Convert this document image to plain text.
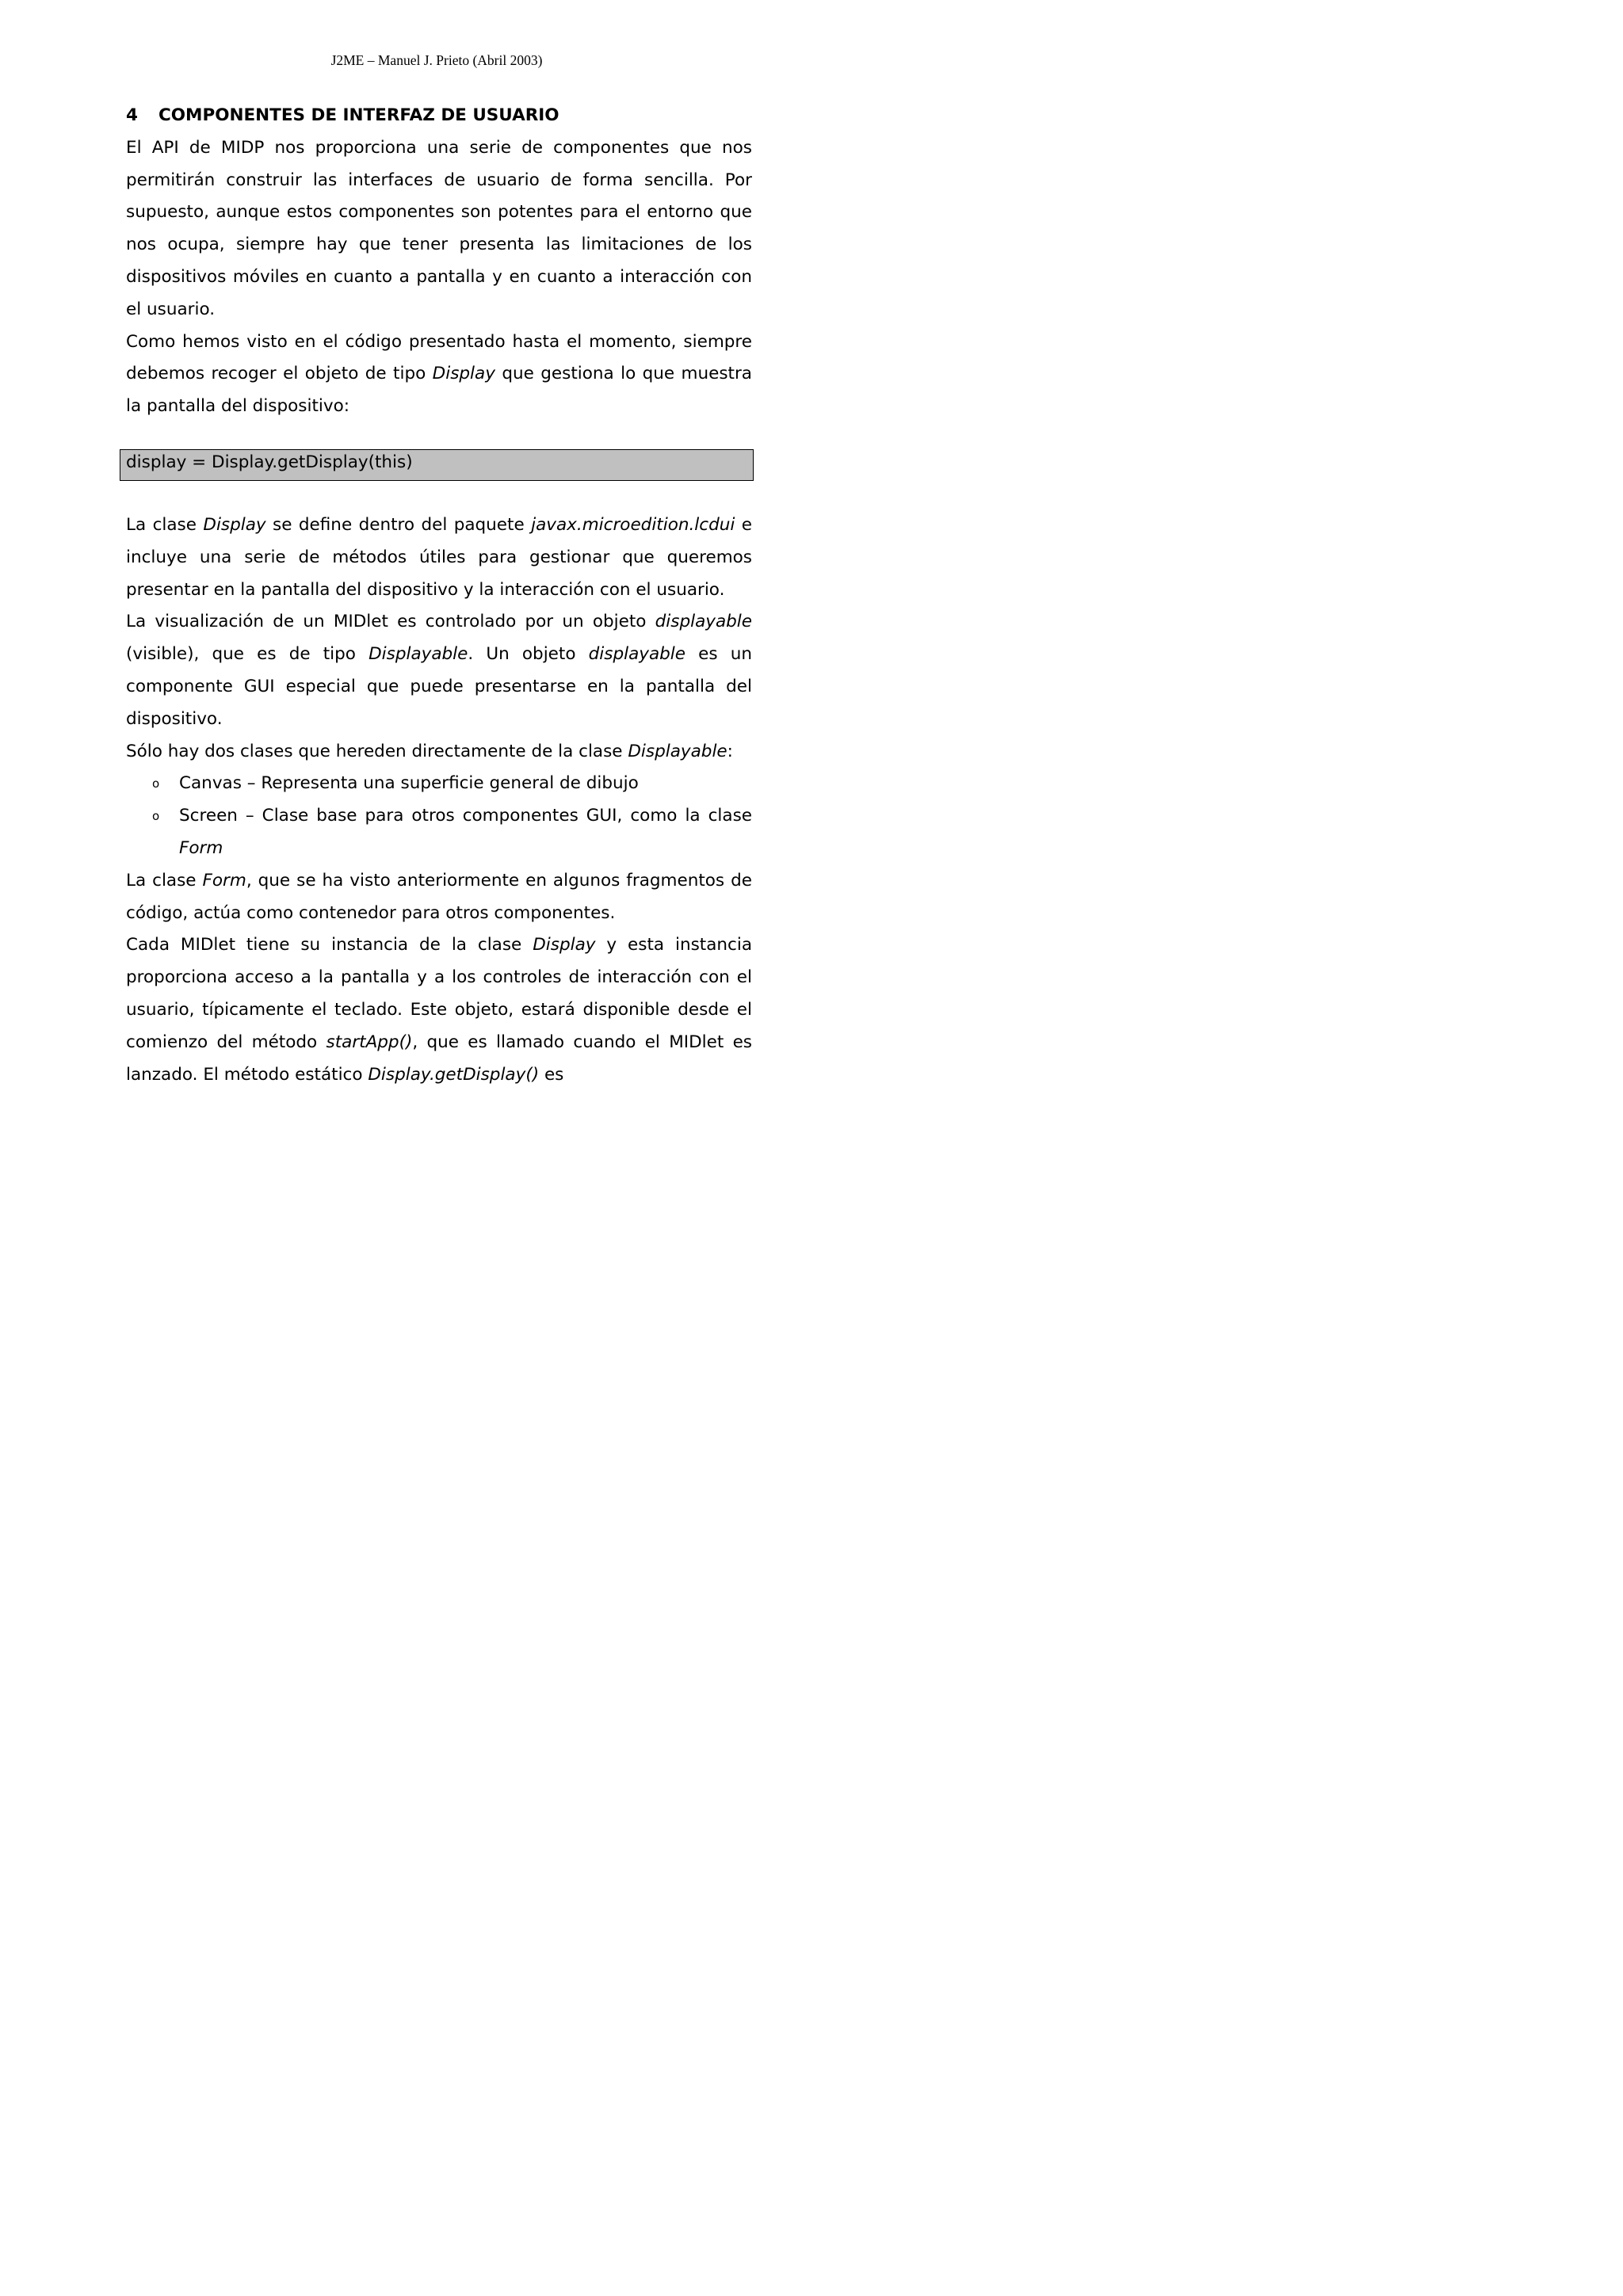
J2ME – Manuel J. Prieto (Abril 2003)
4 COMPONENTES DE INTERFAZ DE USUARIO

El API de MIDP nos proporciona una serie de componentes que nos permitirán construir las interfaces de usuario de forma sencilla. Por supuesto, aunque estos componentes son potentes para el entorno que nos ocupa, siempre hay que tener presenta las limitaciones de los dispositivos móviles en cuanto a pantalla y en cuanto a interacción con el usuario.

Como hemos visto en el código presentado hasta el momento, siempre debemos recoger el objeto de tipo Display que gestiona lo que muestra la pantalla del dispositivo:

display = Display.getDisplay(this)

La clase Display se define dentro del paquete javax.microedition.lcdui e incluye una serie de métodos útiles para gestionar que queremos presentar en la pantalla del dispositivo y la interacción con el usuario.

La visualización de un MIDlet es controlado por un objeto displayable (visible), que es de tipo Displayable. Un objeto displayable es un componente GUI especial que puede presentarse en la pantalla del dispositivo.

Sólo hay dos clases que hereden directamente de la clase Displayable:

o Canvas – Representa una superficie general de dibujo
o Screen – Clase base para otros componentes GUI, como la clase Form

La clase Form, que se ha visto anteriormente en algunos fragmentos de código, actúa como contenedor para otros componentes.

Cada MIDlet tiene su instancia de la clase Display y esta instancia proporciona acceso a la pantalla y a los controles de interacción con el usuario, típicamente el teclado. Este objeto, estará disponible desde el comienzo del método startApp(), que es llamado cuando el MIDlet es lanzado. El método estático Display.getDisplay() es
